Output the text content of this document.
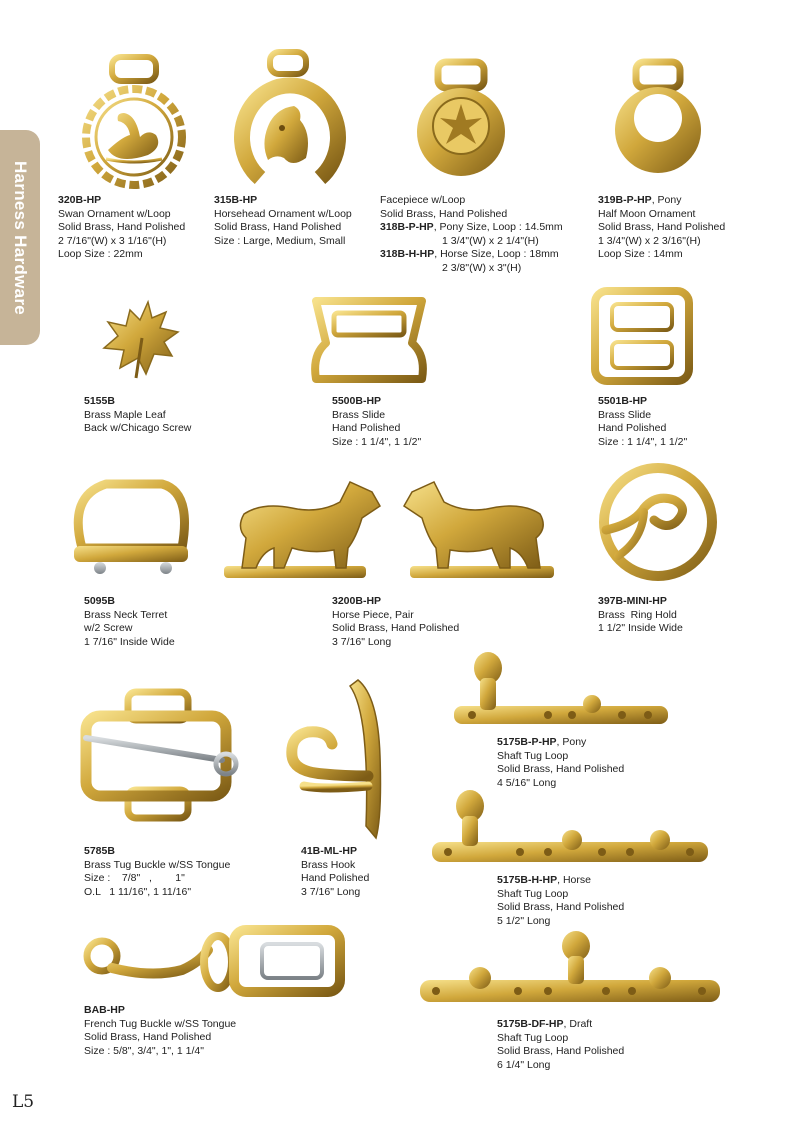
Harness Hardware
L5
320B-HP
Swan Ornament w/Loop
Solid Brass, Hand Polished
2 7/16"(W) x 3 1/16"(H)
Loop Size : 22mm
315B-HP
Horsehead Ornament w/Loop
Solid Brass, Hand Polished
Size : Large, Medium, Small
Facepiece w/Loop
Solid Brass, Hand Polished
318B-P-HP, Pony Size, Loop : 14.5mm
1 3/4"(W) x 2 1/4"(H)
318B-H-HP, Horse Size, Loop : 18mm
2 3/8"(W) x 3"(H)
319B-P-HP, Pony
Half Moon Ornament
Solid Brass, Hand Polished
1 3/4"(W) x 2 3/16"(H)
Loop Size : 14mm
5155B
Brass Maple Leaf
Back w/Chicago Screw
5500B-HP
Brass Slide
Hand Polished
Size : 1 1/4", 1 1/2"
5501B-HP
Brass Slide
Hand Polished
Size : 1 1/4", 1 1/2"
5095B
Brass Neck Terret
w/2 Screw
1 7/16" Inside Wide
3200B-HP
Horse Piece, Pair
Solid Brass, Hand Polished
3 7/16" Long
397B-MINI-HP
Brass  Ring Hold
1 1/2" Inside Wide
5785B
Brass Tug Buckle w/SS Tongue
Size :    7/8"   ,        1"
O.L   1 11/16", 1 11/16"
41B-ML-HP
Brass Hook
Hand Polished
3 7/16" Long
5175B-P-HP, Pony
Shaft Tug Loop
Solid Brass, Hand Polished
4 5/16" Long
5175B-H-HP, Horse
Shaft Tug Loop
Solid Brass, Hand Polished
5 1/2" Long
BAB-HP
French Tug Buckle w/SS Tongue
Solid Brass, Hand Polished
Size : 5/8", 3/4", 1", 1 1/4"
5175B-DF-HP, Draft
Shaft Tug Loop
Solid Brass, Hand Polished
6 1/4" Long
